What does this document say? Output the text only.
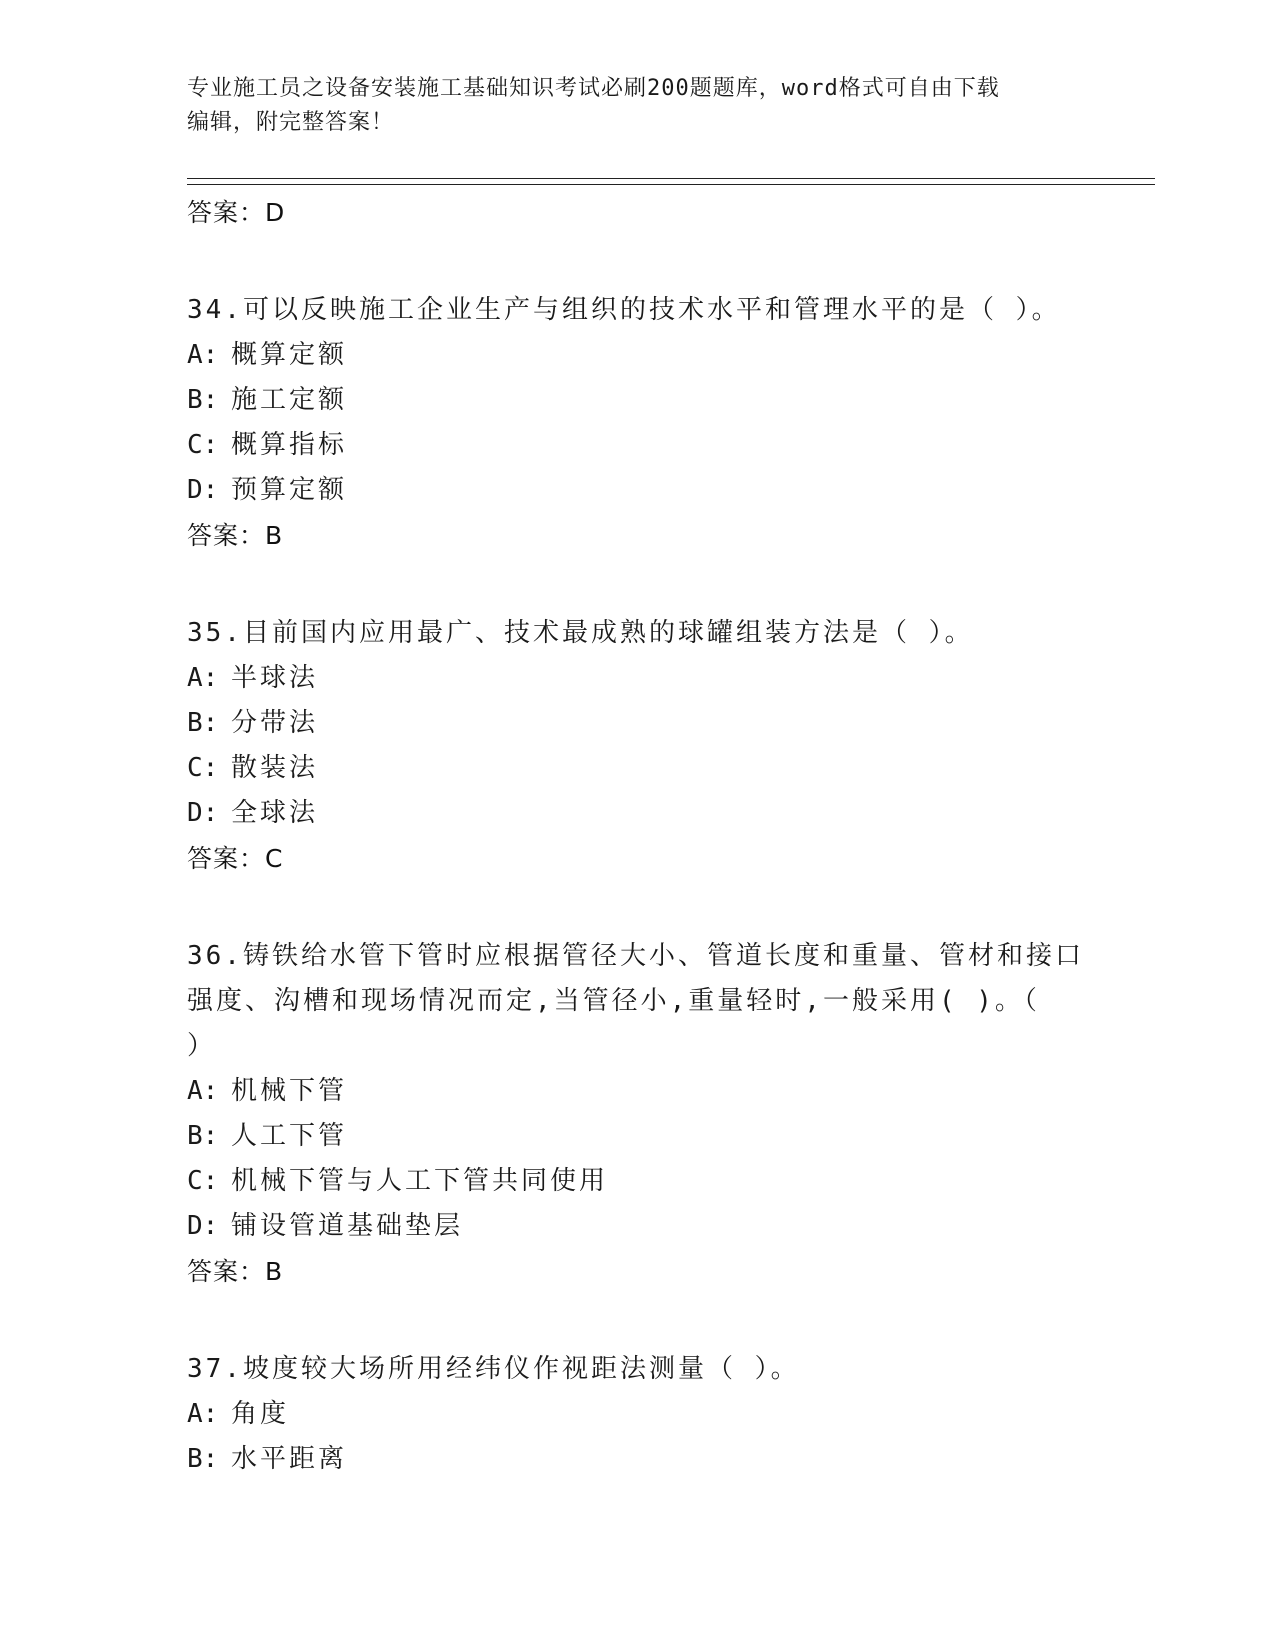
专业施工员之设备安装施工基础知识考试必刷200题题库，word格式可自由下载
编辑，附完整答案！
答案：D
34.可以反映施工企业生产与组织的技术水平和管理水平的是（ ）。
A: 概算定额
B: 施工定额
C: 概算指标
D: 预算定额
答案：B
35.目前国内应用最广、技术最成熟的球罐组装方法是（ ）。
A: 半球法
B: 分带法
C: 散装法
D: 全球法
答案：C
36.铸铁给水管下管时应根据管径大小、管道长度和重量、管材和接口
强度、沟槽和现场情况而定,当管径小,重量轻时,一般采用( )。（
）
A: 机械下管
B: 人工下管
C: 机械下管与人工下管共同使用
D: 铺设管道基础垫层
答案：B
37.坡度较大场所用经纬仪作视距法测量（ ）。
A: 角度
B: 水平距离
